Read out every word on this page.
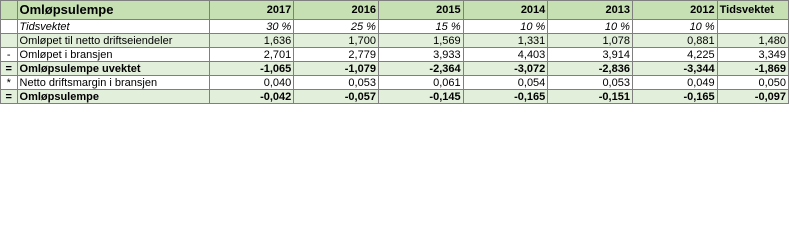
	Omløpsulempe	2017	2016	2015	2014	2013	2012	Tidsvektet
	Tidsvektet	30 %	25 %	15 %	10 %	10 %	10 %	
	Omløpet til netto driftseiendeler	1,636	1,700	1,569	1,331	1,078	0,881	1,480
-	Omløpet i bransjen	2,701	2,779	3,933	4,403	3,914	4,225	3,349
=	Omløpsulempe uvektet	-1,065	-1,079	-2,364	-3,072	-2,836	-3,344	-1,869
*	Netto driftsmargin i bransjen	0,040	0,053	0,061	0,054	0,053	0,049	0,050
=	Omløpsulempe	-0,042	-0,057	-0,145	-0,165	-0,151	-0,165	-0,097
